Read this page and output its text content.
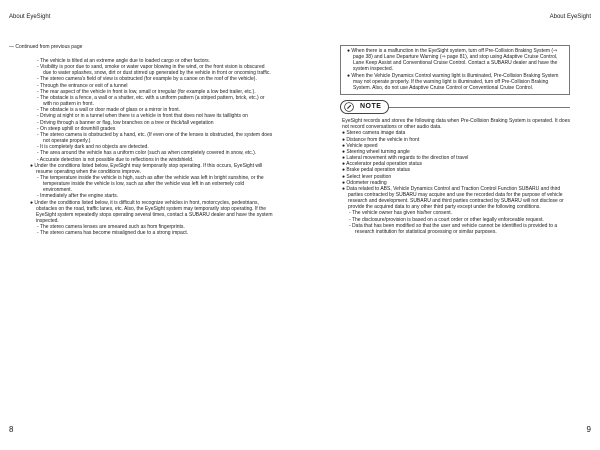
About EyeSight	About EyeSight
— Continued from previous page

- The vehicle is tilted at an extreme angle due to loaded cargo or other factors.

- Visibility is poor due to sand, smoke or water vapor blowing in the wind, or the front vision is obscured due to water splashes, snow, dirt or dust stirred up generated by the vehicle in front or oncoming traffic.

- The stereo camera's field of view is obstructed (for example by a canoe on the roof of the vehicle).

- Through the entrance or exit of a tunnel

- The rear aspect of the vehicle in front is low, small or irregular (for example a low bed trailer, etc.).

- The obstacle is a fence, a wall or a shutter, etc. with a uniform pattern (a striped pattern, brick, etc.) or with no pattern in front.

- The obstacle is a wall or door made of glass or a mirror in front.

- Driving at night or in a tunnel when there is a vehicle in front that does not have its taillights on

- Driving through a banner or flag, low branches on a tree or thick/tall vegetation

- On steep uphill or downhill grades

- The stereo camera is obstructed by a hand, etc. (If even one of the lenses is obstructed, the system does not operate properly.)

- It is completely dark and no objects are detected.

- The area around the vehicle has a uniform color (such as when completely covered in snow, etc.).

- Accurate detection is not possible due to reflections in the windshield.

● Under the conditions listed below, EyeSight may temporarily stop operating. If this occurs, EyeSight will resume operating when the conditions improve.

- The temperature inside the vehicle is high, such as after the vehicle was left in bright sunshine, or the temperature inside the vehicle is low, such as after the vehicle was left in an extremely cold environment.

- Immediately after the engine starts.

● Under the conditions listed below, it is difficult to recognize vehicles in front, motorcycles, pedestrians, obstacles on the road, traffic lanes, etc. Also, the EyeSight system may temporarily stop operating. If the EyeSight system repeatedly stops operating several times, contact a SUBARU dealer and have the system inspected.

- The stereo camera lenses are smeared such as from fingerprints.

- The stereo camera has become misaligned due to a strong impact.

● When there is a malfunction in the EyeSight system, turn off Pre-Collision Braking System (⇒ page 38) and Lane Departure Warning (⇒ page 81), and stop using Adaptive Cruise Control, Lane Keep Assist and Conventional Cruise Control. Contact a SUBARU dealer and have the system inspected.

● When the Vehicle Dynamics Control warning light is illuminated, Pre-Collision Braking System may not operate properly. If the warning light is illuminated, turn off Pre-Collision Braking System. Also, do not use Adaptive Cruise Control or Conventional Cruise Control.

NOTE

EyeSight records and stores the following data when Pre-Collision Braking System is operated. It does not record conversations or other audio data.

● Stereo camera image data

● Distance from the vehicle in front

● Vehicle speed

● Steering wheel turning angle

● Lateral movement with regards to the direction of travel

● Accelerator pedal operation status

● Brake pedal operation status

● Select lever position

● Odometer reading

● Data related to ABS, Vehicle Dynamics Control and Traction Control Function SUBARU and third parties contracted by SUBARU may acquire and use the recorded data for the purpose of vehicle research and development. SUBARU and third parties contracted by SUBARU will not disclose or provide the acquired data to any other third party except under the following conditions.

- The vehicle owner has given his/her consent.

- The disclosure/provision is based on a court order or other legally enforceable request.

- Data that has been modified so that the user and vehicle cannot be identified is provided to a research institution for statistical processing or similar purposes.

8	9
